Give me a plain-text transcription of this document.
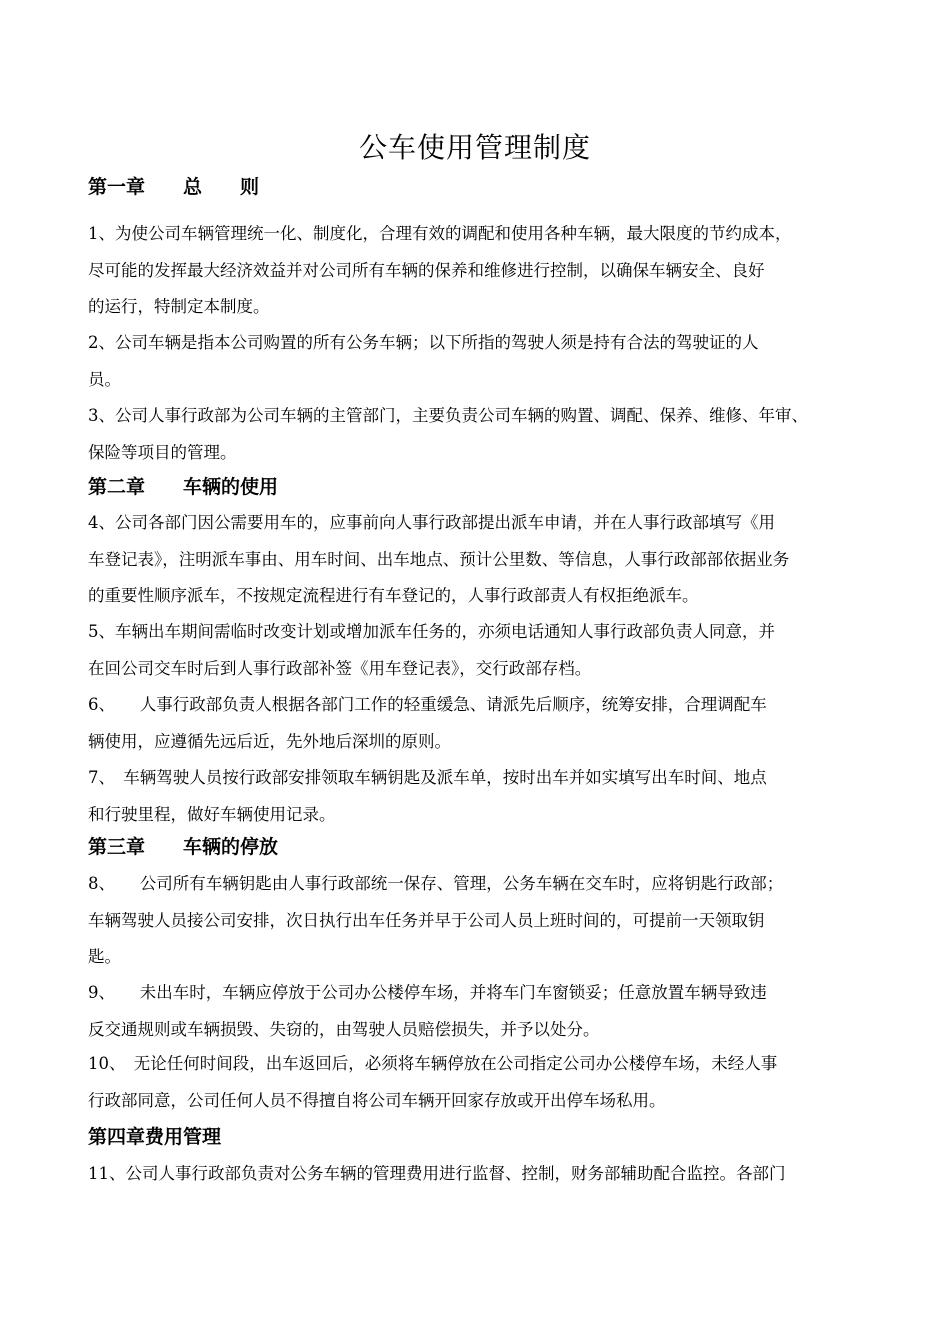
公车使用管理制度
第一章　　总　　则
1、为使公司车辆管理统一化、制度化，合理有效的调配和使用各种车辆，最大限度的节约成本，
尽可能的发挥最大经济效益并对公司所有车辆的保养和维修进行控制，以确保车辆安全、良好
的运行，特制定本制度。
2、公司车辆是指本公司购置的所有公务车辆；以下所指的驾驶人须是持有合法的驾驶证的人
员。
3、公司人事行政部为公司车辆的主管部门，主要负责公司车辆的购置、调配、保养、维修、年审、
保险等项目的管理。
第二章　　车辆的使用
4、公司各部门因公需要用车的，应事前向人事行政部提出派车申请，并在人事行政部填写《用
车登记表》，注明派车事由、用车时间、出车地点、预计公里数、等信息，人事行政部部依据业务
的重要性顺序派车，不按规定流程进行有车登记的，人事行政部责人有权拒绝派车。
5、车辆出车期间需临时改变计划或增加派车任务的，亦须电话通知人事行政部负责人同意，并
在回公司交车时后到人事行政部补签《用车登记表》，交行政部存档。
6、　　人事行政部负责人根据各部门工作的轻重缓急、请派先后顺序，统筹安排，合理调配车
辆使用，应遵循先远后近，先外地后深圳的原则。
7、　车辆驾驶人员按行政部安排领取车辆钥匙及派车单，按时出车并如实填写出车时间、地点
和行驶里程，做好车辆使用记录。
第三章　　车辆的停放
8、　　公司所有车辆钥匙由人事行政部统一保存、管理，公务车辆在交车时，应将钥匙行政部；
车辆驾驶人员接公司安排，次日执行出车任务并早于公司人员上班时间的，可提前一天领取钥
匙。
9、　　未出车时，车辆应停放于公司办公楼停车场，并将车门车窗锁妥；任意放置车辆导致违
反交通规则或车辆损毁、失窃的，由驾驶人员赔偿损失，并予以处分。
10、　无论任何时间段，出车返回后，必须将车辆停放在公司指定公司办公楼停车场，未经人事
行政部同意，公司任何人员不得擅自将公司车辆开回家存放或开出停车场私用。
第四章费用管理
11、公司人事行政部负责对公务车辆的管理费用进行监督、控制，财务部辅助配合监控。各部门
